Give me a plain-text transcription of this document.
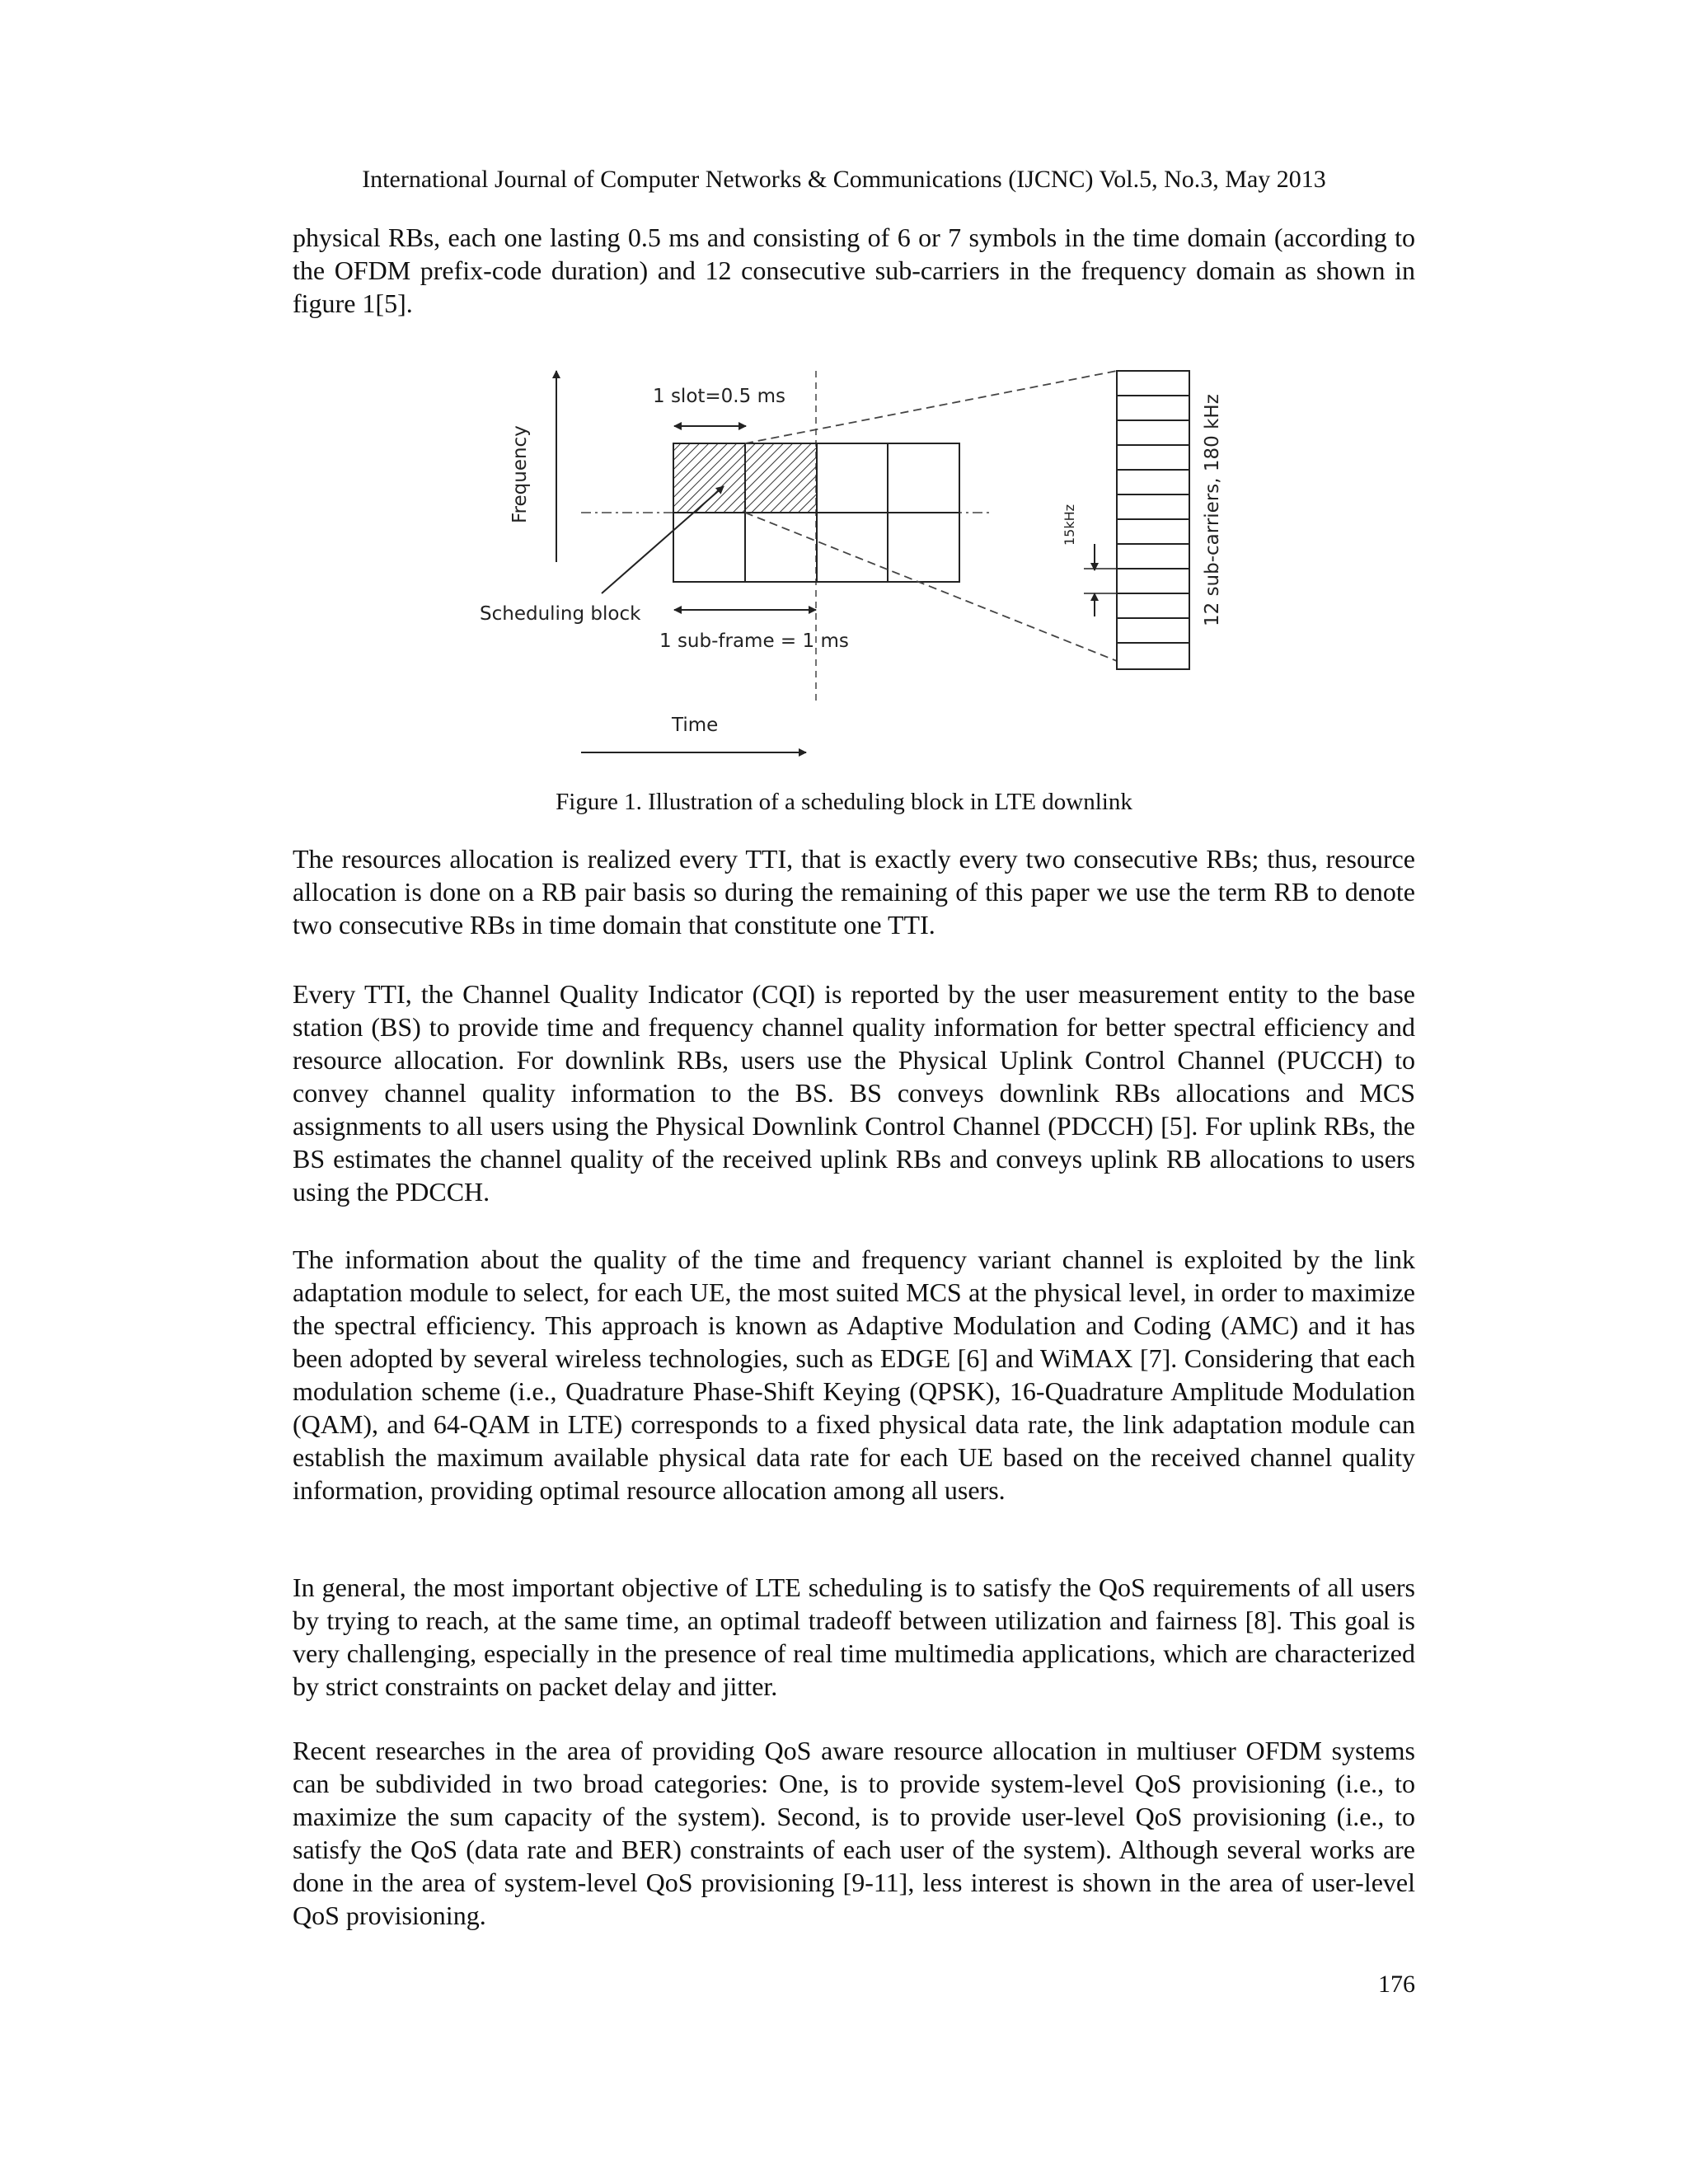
International Journal of Computer Networks & Communications (IJCNC) Vol.5, No.3, May 2013

physical RBs, each one lasting 0.5 ms and consisting of 6 or 7 symbols in the time domain (according to the OFDM prefix-code duration) and 12 consecutive sub-carriers in the frequency domain as shown in figure 1[5].

Frequency
1 slot=0.5 ms
15kHz	12 sub-carriers, 180 kHz
Scheduling block
1 sub-frame = 1 ms
Time
Figure 1. Illustration of a scheduling block in LTE downlink

The resources allocation is realized every TTI, that is exactly every two consecutive RBs; thus, resource allocation is done on a RB pair basis so during the remaining of this paper we use the term RB to denote two consecutive RBs in time domain that constitute one TTI.

Every TTI, the Channel Quality Indicator (CQI) is reported by the user measurement entity to the base station (BS) to provide time and frequency channel quality information for better spectral efficiency and resource allocation. For downlink RBs, users use the Physical Uplink Control Channel (PUCCH) to convey channel quality information to the BS. BS conveys downlink RBs allocations and MCS assignments to all users using the Physical Downlink Control Channel (PDCCH) [5]. For uplink RBs, the BS estimates the channel quality of the received uplink RBs and conveys uplink RB allocations to users using the PDCCH.

The information about the quality of the time and frequency variant channel is exploited by the link adaptation module to select, for each UE, the most suited MCS at the physical level, in order to maximize the spectral efficiency. This approach is known as Adaptive Modulation and Coding (AMC) and it has been adopted by several wireless technologies, such as EDGE [6] and WiMAX [7]. Considering that each modulation scheme (i.e., Quadrature Phase-Shift Keying (QPSK), 16-Quadrature Amplitude Modulation (QAM), and 64-QAM in LTE) corresponds to a fixed physical data rate, the link adaptation module can establish the maximum available physical data rate for each UE based on the received channel quality information, providing optimal resource allocation among all users.

In general, the most important objective of LTE scheduling is to satisfy the QoS requirements of all users by trying to reach, at the same time, an optimal tradeoff between utilization and fairness [8]. This goal is very challenging, especially in the presence of real time multimedia applications, which are characterized by strict constraints on packet delay and jitter.

Recent researches in the area of providing QoS aware resource allocation in multiuser OFDM systems can be subdivided in two broad categories: One, is to provide system-level QoS provisioning (i.e., to maximize the sum capacity of the system). Second, is to provide user-level QoS provisioning (i.e., to satisfy the QoS (data rate and BER) constraints of each user of the system). Although several works are done in the area of system-level QoS provisioning [9-11], less interest is shown in the area of user-level QoS provisioning.

176
